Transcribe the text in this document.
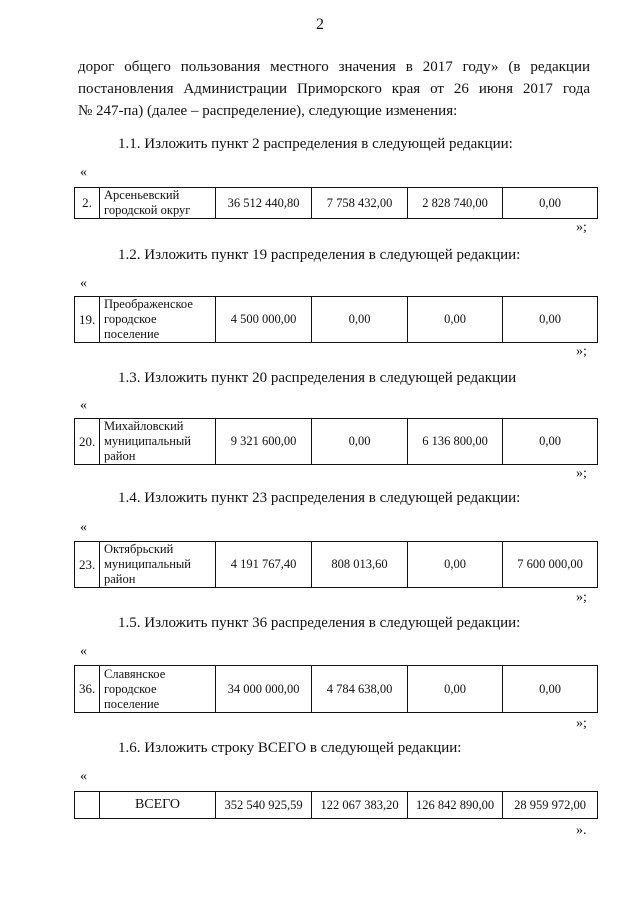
2
дорог общего пользования местного значения в 2017 году» (в редакции
постановления Администрации Приморского края от 26 июня 2017 года
№ 247-па) (далее – распределение), следующие изменения:
1.1. Изложить пункт 2 распределения в следующей редакции:
«
2.	Арсеньевский
городской округ	36 512 440,80	7 758 432,00	2 828 740,00	0,00
»;
1.2. Изложить пункт 19 распределения в следующей редакции:
«
19.	Преображенское
городское
поселение	4 500 000,00	0,00	0,00	0,00
»;
1.3. Изложить пункт 20 распределения в следующей редакции
«
20.	Михайловский
муниципальный
район	9 321 600,00	0,00	6 136 800,00	0,00
»;
1.4. Изложить пункт 23 распределения в следующей редакции:
«
23.	Октябрьский
муниципальный
район	4 191 767,40	808 013,60	0,00	7 600 000,00
»;
1.5. Изложить пункт 36 распределения в следующей редакции:
«
36.	Славянское
городское
поселение	34 000 000,00	4 784 638,00	0,00	0,00
»;
1.6. Изложить строку ВСЕГО в следующей редакции:
«
	ВСЕГО	352 540 925,59	122 067 383,20	126 842 890,00	28 959 972,00
».
